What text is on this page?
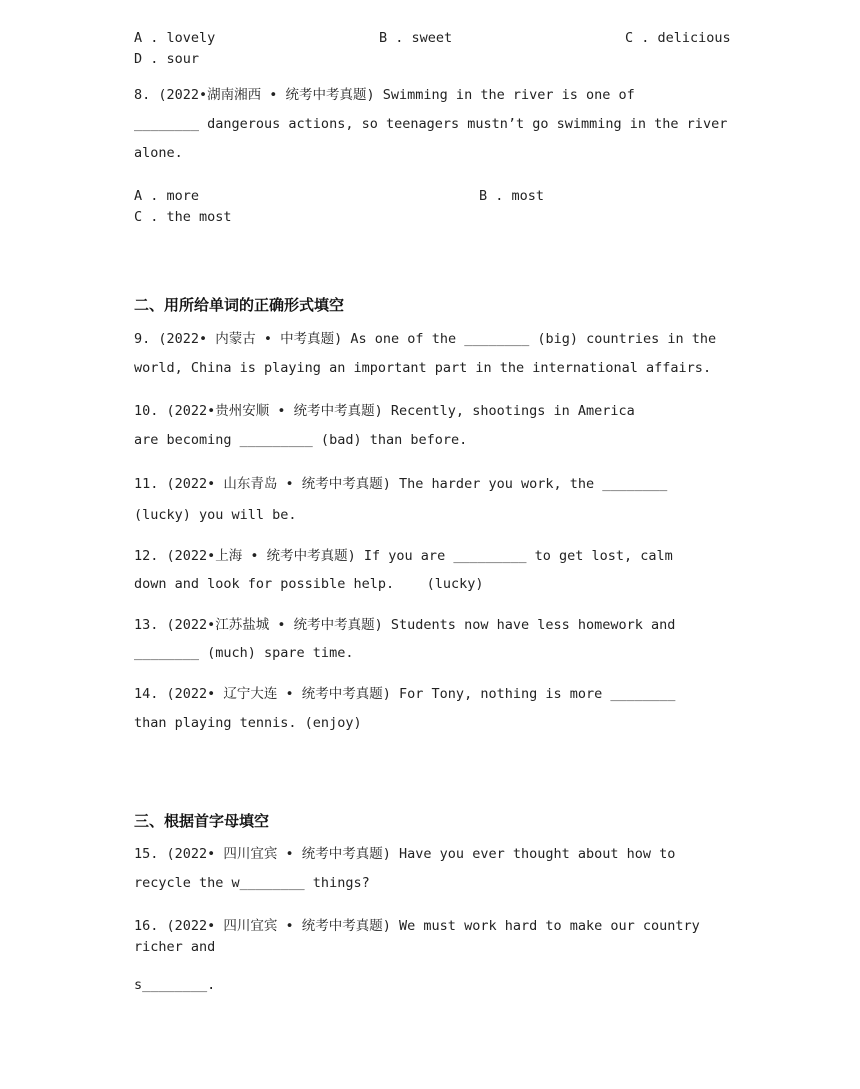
A . lovely	B . sweet	C . delicious
D . sour
8. (2022•湖南湘西 • 统考中考真题) Swimming in the river is one of
________ dangerous actions, so teenagers mustn’t go swimming in the river
alone.
A . more	B . most
C . the most
二、用所给单词的正确形式填空
9. (2022• 内蒙古 • 中考真题) As one of the ________ (big) countries in the
world, China is playing an important part in the international affairs.
10. (2022•贵州安顺 • 统考中考真题) Recently, shootings in America
are becoming _________ (bad) than before.
11. (2022• 山东青岛 • 统考中考真题) The harder you work, the ________
(lucky) you will be.
12. (2022•上海 • 统考中考真题) If you are _________ to get lost, calm
down and look for possible help.    (lucky)
13. (2022•江苏盐城 • 统考中考真题) Students now have less homework and
________ (much) spare time.
14. (2022• 辽宁大连 • 统考中考真题) For Tony, nothing is more ________
than playing tennis. (enjoy)
三、根据首字母填空
15. (2022• 四川宜宾 • 统考中考真题) Have you ever thought about how to
recycle the w________ things?
16. (2022• 四川宜宾 • 统考中考真题) We must work hard to make our country
richer and
s________.
